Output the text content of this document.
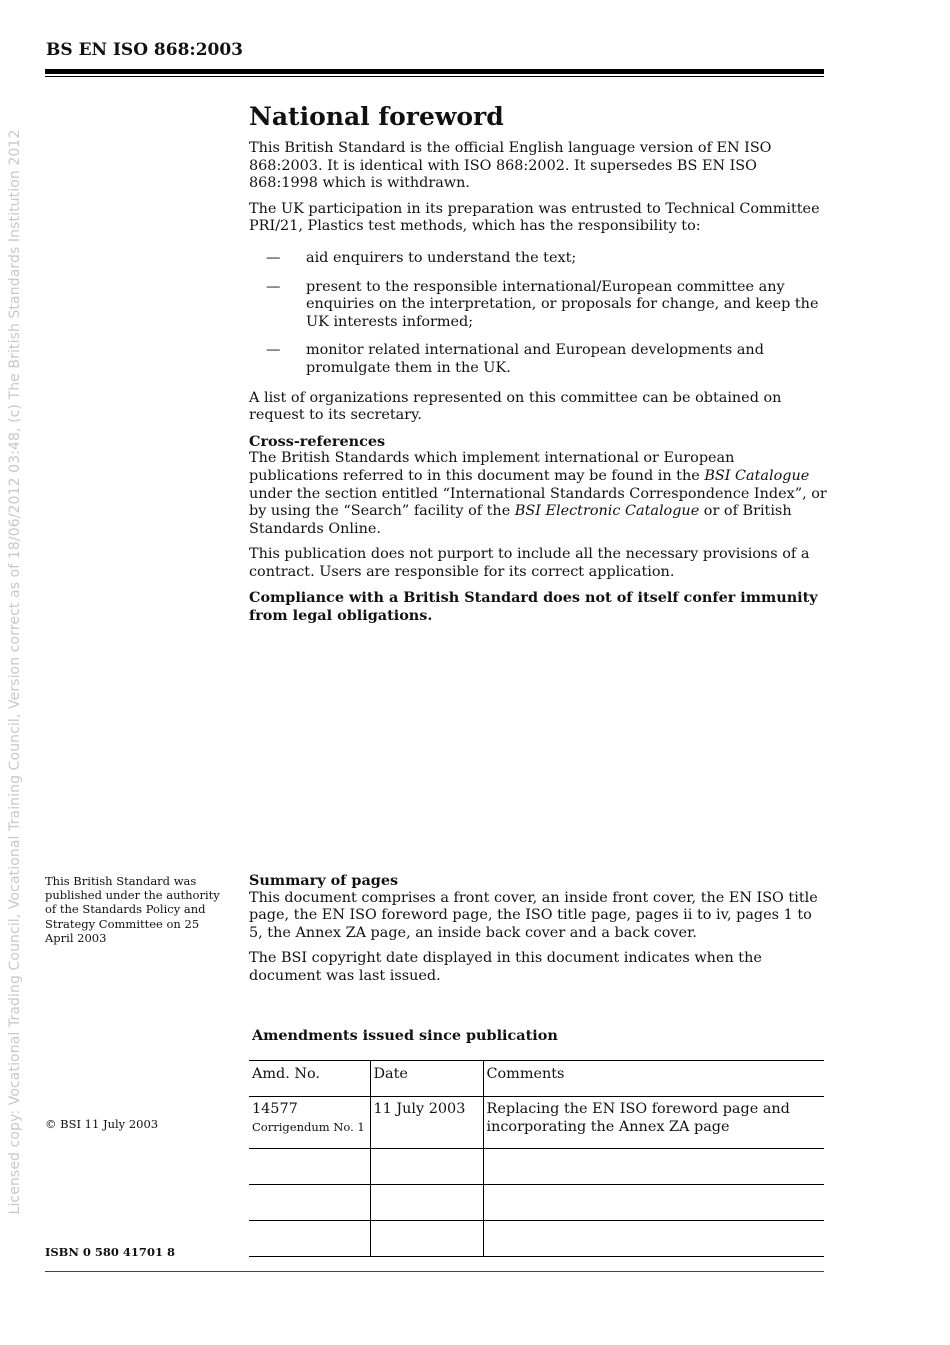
Licensed copy: Vocational Trading Council, Vocational Training Council, Version correct as of 18/06/2012 03:48, (c) The British Standards Institution 2012
BS EN ISO 868:2003
National foreword

This British Standard is the official English language version of EN ISO 868:2003. It is identical with ISO 868:2002. It supersedes BS EN ISO 868:1998 which is withdrawn.

The UK participation in its preparation was entrusted to Technical Committee PRI/21, Plastics test methods, which has the responsibility to:

— aid enquirers to understand the text;
— present to the responsible international/European committee any enquiries on the interpretation, or proposals for change, and keep the UK interests informed;
— monitor related international and European developments and promulgate them in the UK.

A list of organizations represented on this committee can be obtained on request to its secretary.

Cross-references

The British Standards which implement international or European publications referred to in this document may be found in the BSI Catalogue under the section entitled “International Standards Correspondence Index”, or by using the “Search” facility of the BSI Electronic Catalogue or of British Standards Online.

This publication does not purport to include all the necessary provisions of a contract. Users are responsible for its correct application.

Compliance with a British Standard does not of itself confer immunity from legal obligations.

This British Standard was published under the authority of the Standards Policy and Strategy Committee on 25 April 2003
© BSI 11 July 2003
ISBN 0 580 41701 8
Summary of pages

This document comprises a front cover, an inside front cover, the EN ISO title page, the EN ISO foreword page, the ISO title page, pages ii to iv, pages 1 to 5, the Annex ZA page, an inside back cover and a back cover.

The BSI copyright date displayed in this document indicates when the document was last issued.

Amendments issued since publication
Amd. No.	Date	Comments
14577
Corrigendum No. 1	11 July 2003	Replacing the EN ISO foreword page and incorporating the Annex ZA page
